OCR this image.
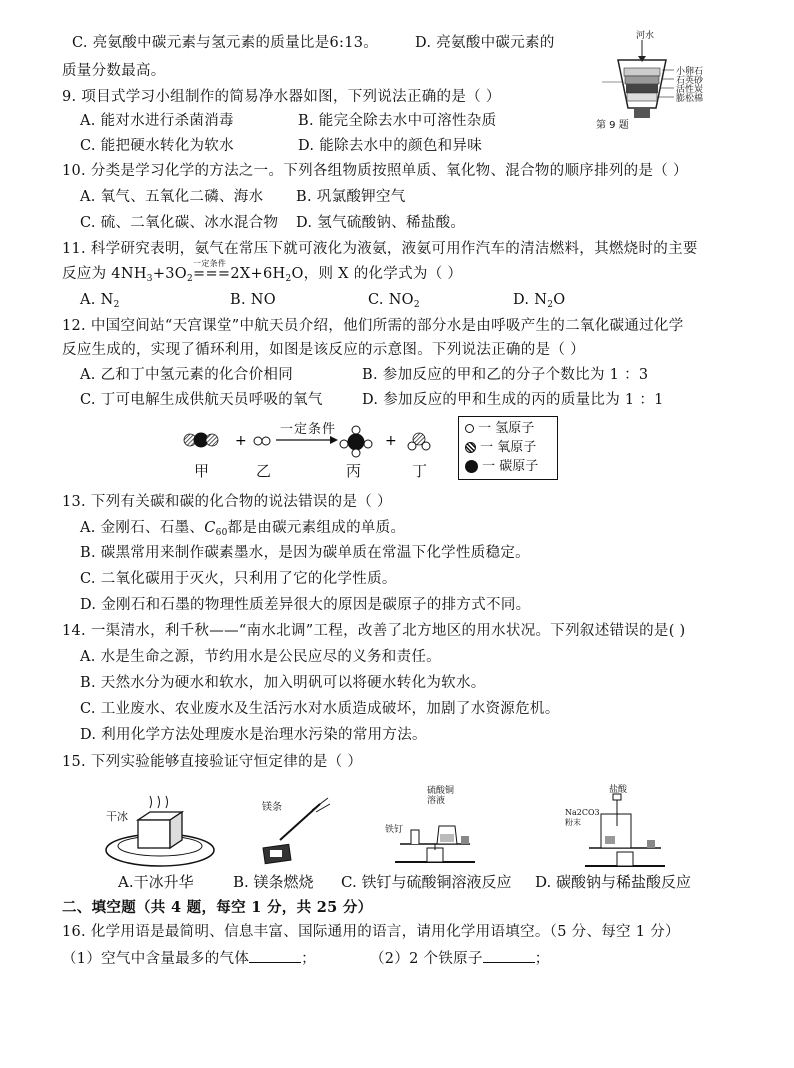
C. 亮氨酸中碳元素与氢元素的质量比是6:13。	D. 亮氨酸中碳元素的
质量分数最高。
9. 项目式学习小组制作的简易净水器如图，下列说法正确的是（ ）
A. 能对水进行杀菌消毒	B. 能完全除去水中可溶性杂质
C. 能把硬水转化为软水	D. 能除去水中的颜色和异味
河水
小卵石
石英砂
活性炭
膨松棉
第 9 题
10. 分类是学习化学的方法之一。下列各组物质按照单质、氧化物、混合物的顺序排列的是（ ）
A. 氧气、五氧化二磷、海水 B. 巩氯酸钾空气
C. 硫、二氧化碳、冰水混合物 D. 氢气硫酸钠、稀盐酸。
11. 科学研究表明，氨气在常压下就可液化为液氨，液氨可用作汽车的清洁燃料，其燃烧时的主要
反应为 $4NH_3+3O_2$
一定条件
$===2X+6H_2O$，则 X 的化学式为（ ）
A. $N_2$	B. NO	C. $NO_2$	D. $N_2O$
12. 中国空间站“天宫课堂”中航天员介绍，他们所需的部分水是由呼吸产生的二氧化碳通过化学
反应生成的，实现了循环利用，如图是该反应的示意图。下列说法正确的是（ ）
A. 乙和丁中氢元素的化合价相同	B. 参加反应的甲和乙的分子个数比为 1 ：3
C. 丁可电解生成供航天员呼吸的氧气	D. 参加反应的甲和生成的丙的质量比为 1 ：1
+	+
一定条件
甲	乙	丙	丁
一 氢原子
一 氧原子
一 碳原子
13. 下列有关碳和碳的化合物的说法错误的是（ ）
A. 金刚石、石墨、$C_{60}$都是由碳元素组成的单质。
B. 碳黑常用来制作碳素墨水，是因为碳单质在常温下化学性质稳定。
C. 二氧化碳用于灭火，只利用了它的化学性质。
D. 金刚石和石墨的物理性质差异很大的原因是碳原子的排方式不同。
14. 一渠清水，利千秋——“南水北调”工程，改善了北方地区的用水状况。下列叙述错误的是( )
A. 水是生命之源，节约用水是公民应尽的义务和责任。
B. 天然水分为硬水和软水，加入明矾可以将硬水转化为软水。
C. 工业废水、农业废水及生活污水对水质造成破坏，加剧了水资源危机。
D. 利用化学方法处理废水是治理水污染的常用方法。
15. 下列实验能够直接验证守恒定律的是（ ）
干冰
镁条
硫酸铜
溶液
铁钉
盐酸
Na2CO3
粉末
A.干冰升华	B. 镁条燃烧 C. 铁钉与硫酸铜溶液反应 D. 碳酸钠与稀盐酸反应
二、填空题（共 4 题，每空 1 分，共 25 分）
16. 化学用语是最简明、信息丰富、国际通用的语言，请用化学用语填空。（5 分、每空 1 分）
（1）空气中含量最多的气体	；	（2）2 个铁原子	；
